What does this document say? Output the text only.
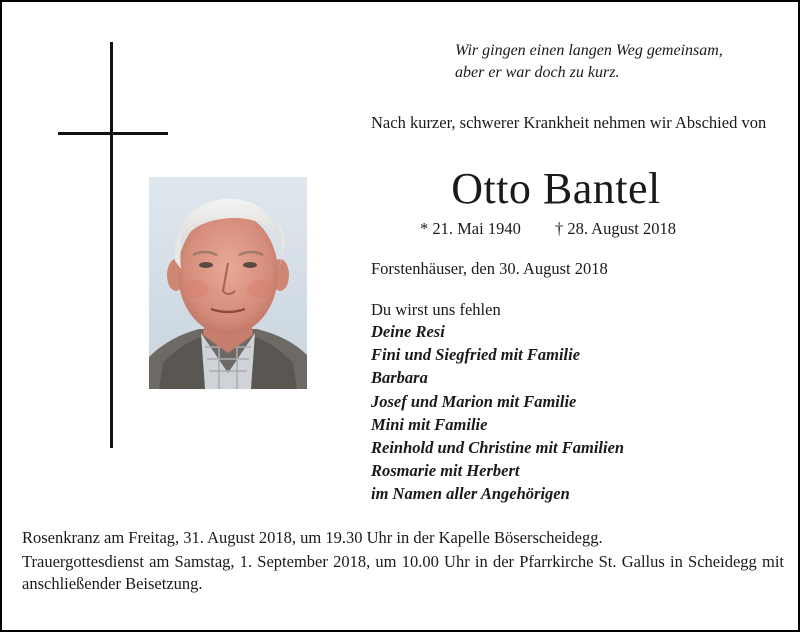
Wir gingen einen langen Weg gemeinsam,
aber er war doch zu kurz.
Nach kurzer, schwerer Krankheit nehmen wir Abschied von
Otto Bantel
* 21. Mai 1940 † 28. August 2018
Forstenhäuser, den 30. August 2018
Du wirst uns fehlen
Deine Resi
Fini und Siegfried mit Familie
Barbara
Josef und Marion mit Familie
Mini mit Familie
Reinhold und Christine mit Familien
Rosmarie mit Herbert
im Namen aller Angehörigen

Rosenkranz am Freitag, 31. August 2018, um 19.30 Uhr in der Kapelle Böserscheidegg.

Trauergottesdienst am Samstag, 1. September 2018, um 10.00 Uhr in der Pfarrkirche St. Gallus in Scheidegg mit anschließender Beisetzung.
